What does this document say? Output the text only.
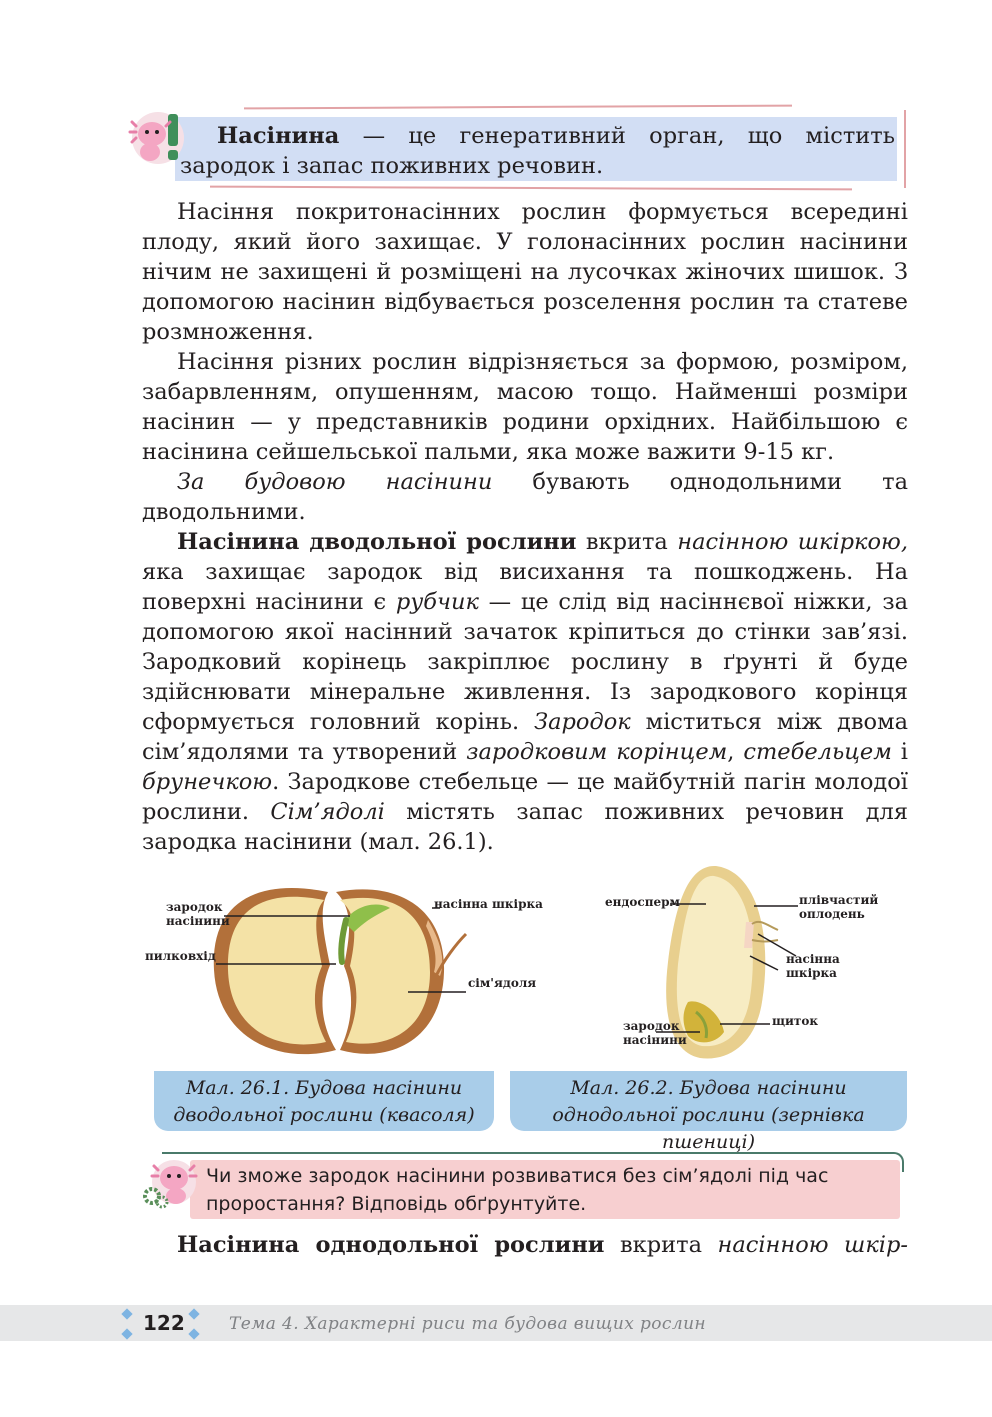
Насінина — це генеративний орган, що містить зародок і запас поживних речовин.

Насіння покритонасінних рослин формується всередині плоду, який його захищає. У голонасінних рослин насінини нічим не захищені й розміщені на лусочках жіночих шишок. З допомогою насінин відбувається розселення рослин та статеве розмноження.

Насіння різних рослин відрізняється за формою, розміром, забарвленням, опушенням, масою тощо. Найменші розміри насінин — у представників родини орхідних. Найбільшою є насінина сейшельської пальми, яка може важити 9-15 кг.

За будовою насінини бувають однодольними та дводольними.

Насінина дводольної рослини вкрита насінною шкіркою, яка захищає зародок від висихання та пошкоджень. На поверхні насінини є рубчик — це слід від насіннєвої ніжки, за допомогою якої насінний зачаток кріпиться до стінки зав’язі. Зародковий корінець закріплює рослину в ґрунті й буде здійснювати мінеральне живлення. Із зародкового корінця сформується головний корінь. Зародок міститься між двома сім’ядолями та утворений зародковим корінцем, стебельцем і брунечкою. Зародкове стебельце — це майбутній пагін молодої рослини. Сім’ядолі містять запас поживних речовин для зародка насінини (мал. 26.1).

зародок
насінини
пилковхід
насінна шкірка
сім'ядоля
ендосперм	плівчастий
оплодень
насінна
шкірка
щиток
зародок
насінини
Мал. 26.1. Будова насінини дводольної рослини (квасоля)
Мал. 26.2. Будова насінини однодольної рослини (зернівка пшениці)
Чи зможе зародок насінини розвиватися без сім’ядолі під час проростання? Відповідь обґрунтуйте.

Насінина однодольної рослини вкрита насінною шкір-

122	Тема 4. Характерні риси та будова вищих рослин
